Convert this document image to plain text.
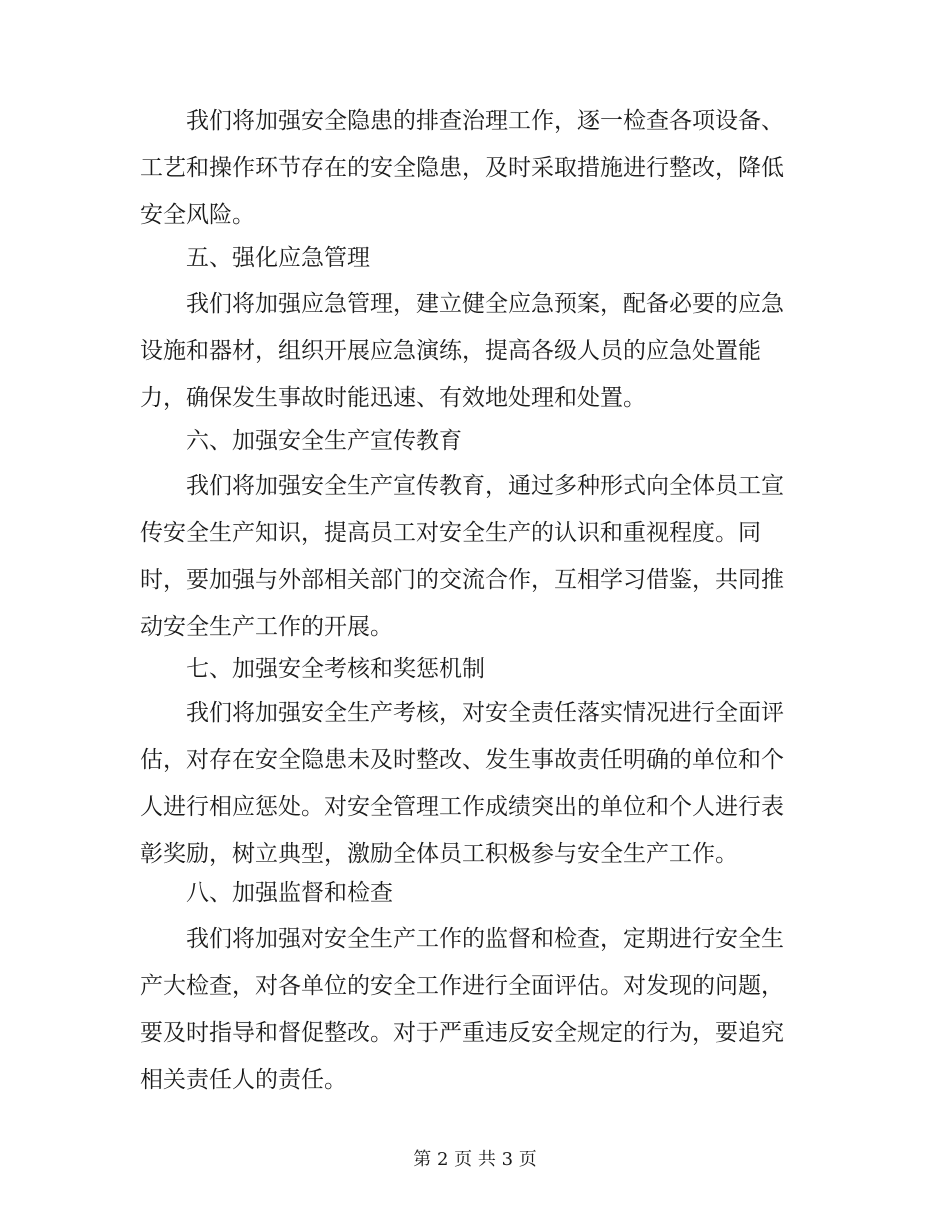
我们将加强安全隐患的排查治理工作，逐一检查各项设备、
工艺和操作环节存在的安全隐患，及时采取措施进行整改，降低
安全风险。
五、强化应急管理
我们将加强应急管理，建立健全应急预案，配备必要的应急
设施和器材，组织开展应急演练，提高各级人员的应急处置能
力，确保发生事故时能迅速、有效地处理和处置。
六、加强安全生产宣传教育
我们将加强安全生产宣传教育，通过多种形式向全体员工宣
传安全生产知识，提高员工对安全生产的认识和重视程度。同
时，要加强与外部相关部门的交流合作，互相学习借鉴，共同推
动安全生产工作的开展。
七、加强安全考核和奖惩机制
我们将加强安全生产考核，对安全责任落实情况进行全面评
估，对存在安全隐患未及时整改、发生事故责任明确的单位和个
人进行相应惩处。对安全管理工作成绩突出的单位和个人进行表
彰奖励，树立典型，激励全体员工积极参与安全生产工作。
八、加强监督和检查
我们将加强对安全生产工作的监督和检查，定期进行安全生
产大检查，对各单位的安全工作进行全面评估。对发现的问题，
要及时指导和督促整改。对于严重违反安全规定的行为，要追究
相关责任人的责任。
第 2 页 共 3 页
